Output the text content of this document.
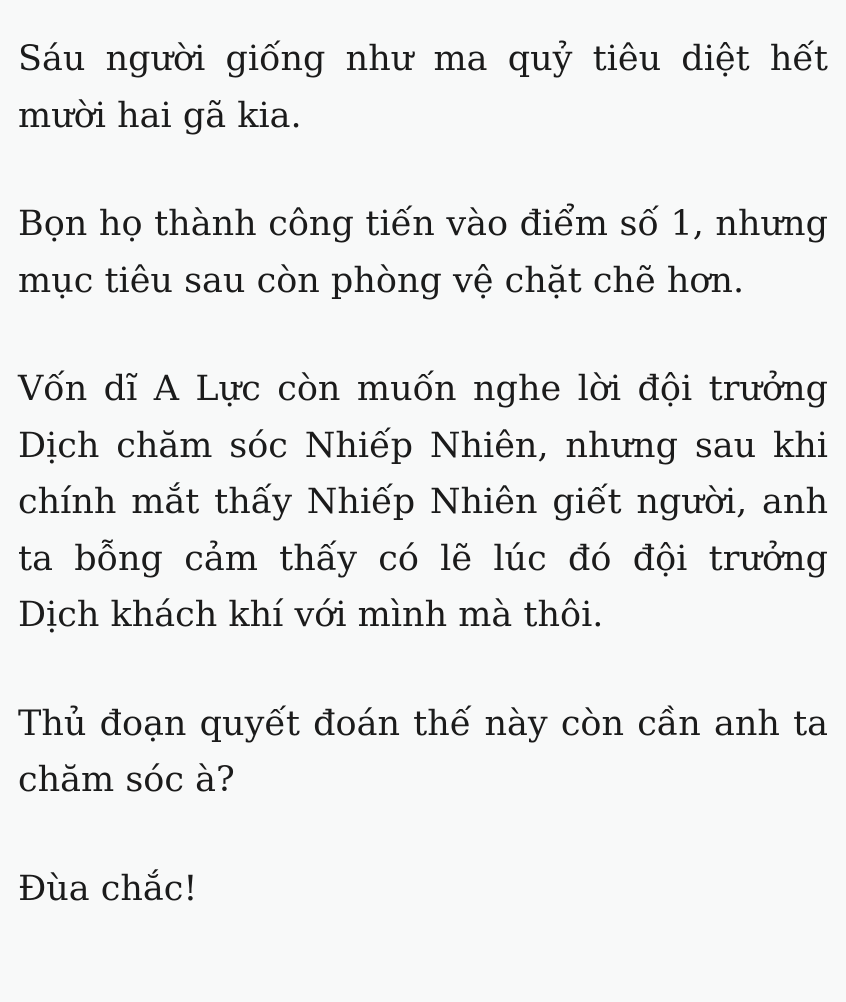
Sáu người giống như ma quỷ tiêu diệt hết mười hai gã kia.

Bọn họ thành công tiến vào điểm số 1, nhưng mục tiêu sau còn phòng vệ chặt chẽ hơn.

Vốn dĩ A Lực còn muốn nghe lời đội trưởng Dịch chăm sóc Nhiếp Nhiên, nhưng sau khi chính mắt thấy Nhiếp Nhiên giết người, anh ta bỗng cảm thấy có lẽ lúc đó đội trưởng Dịch khách khí với mình mà thôi.

Thủ đoạn quyết đoán thế này còn cần anh ta chăm sóc à?

Đùa chắc!
